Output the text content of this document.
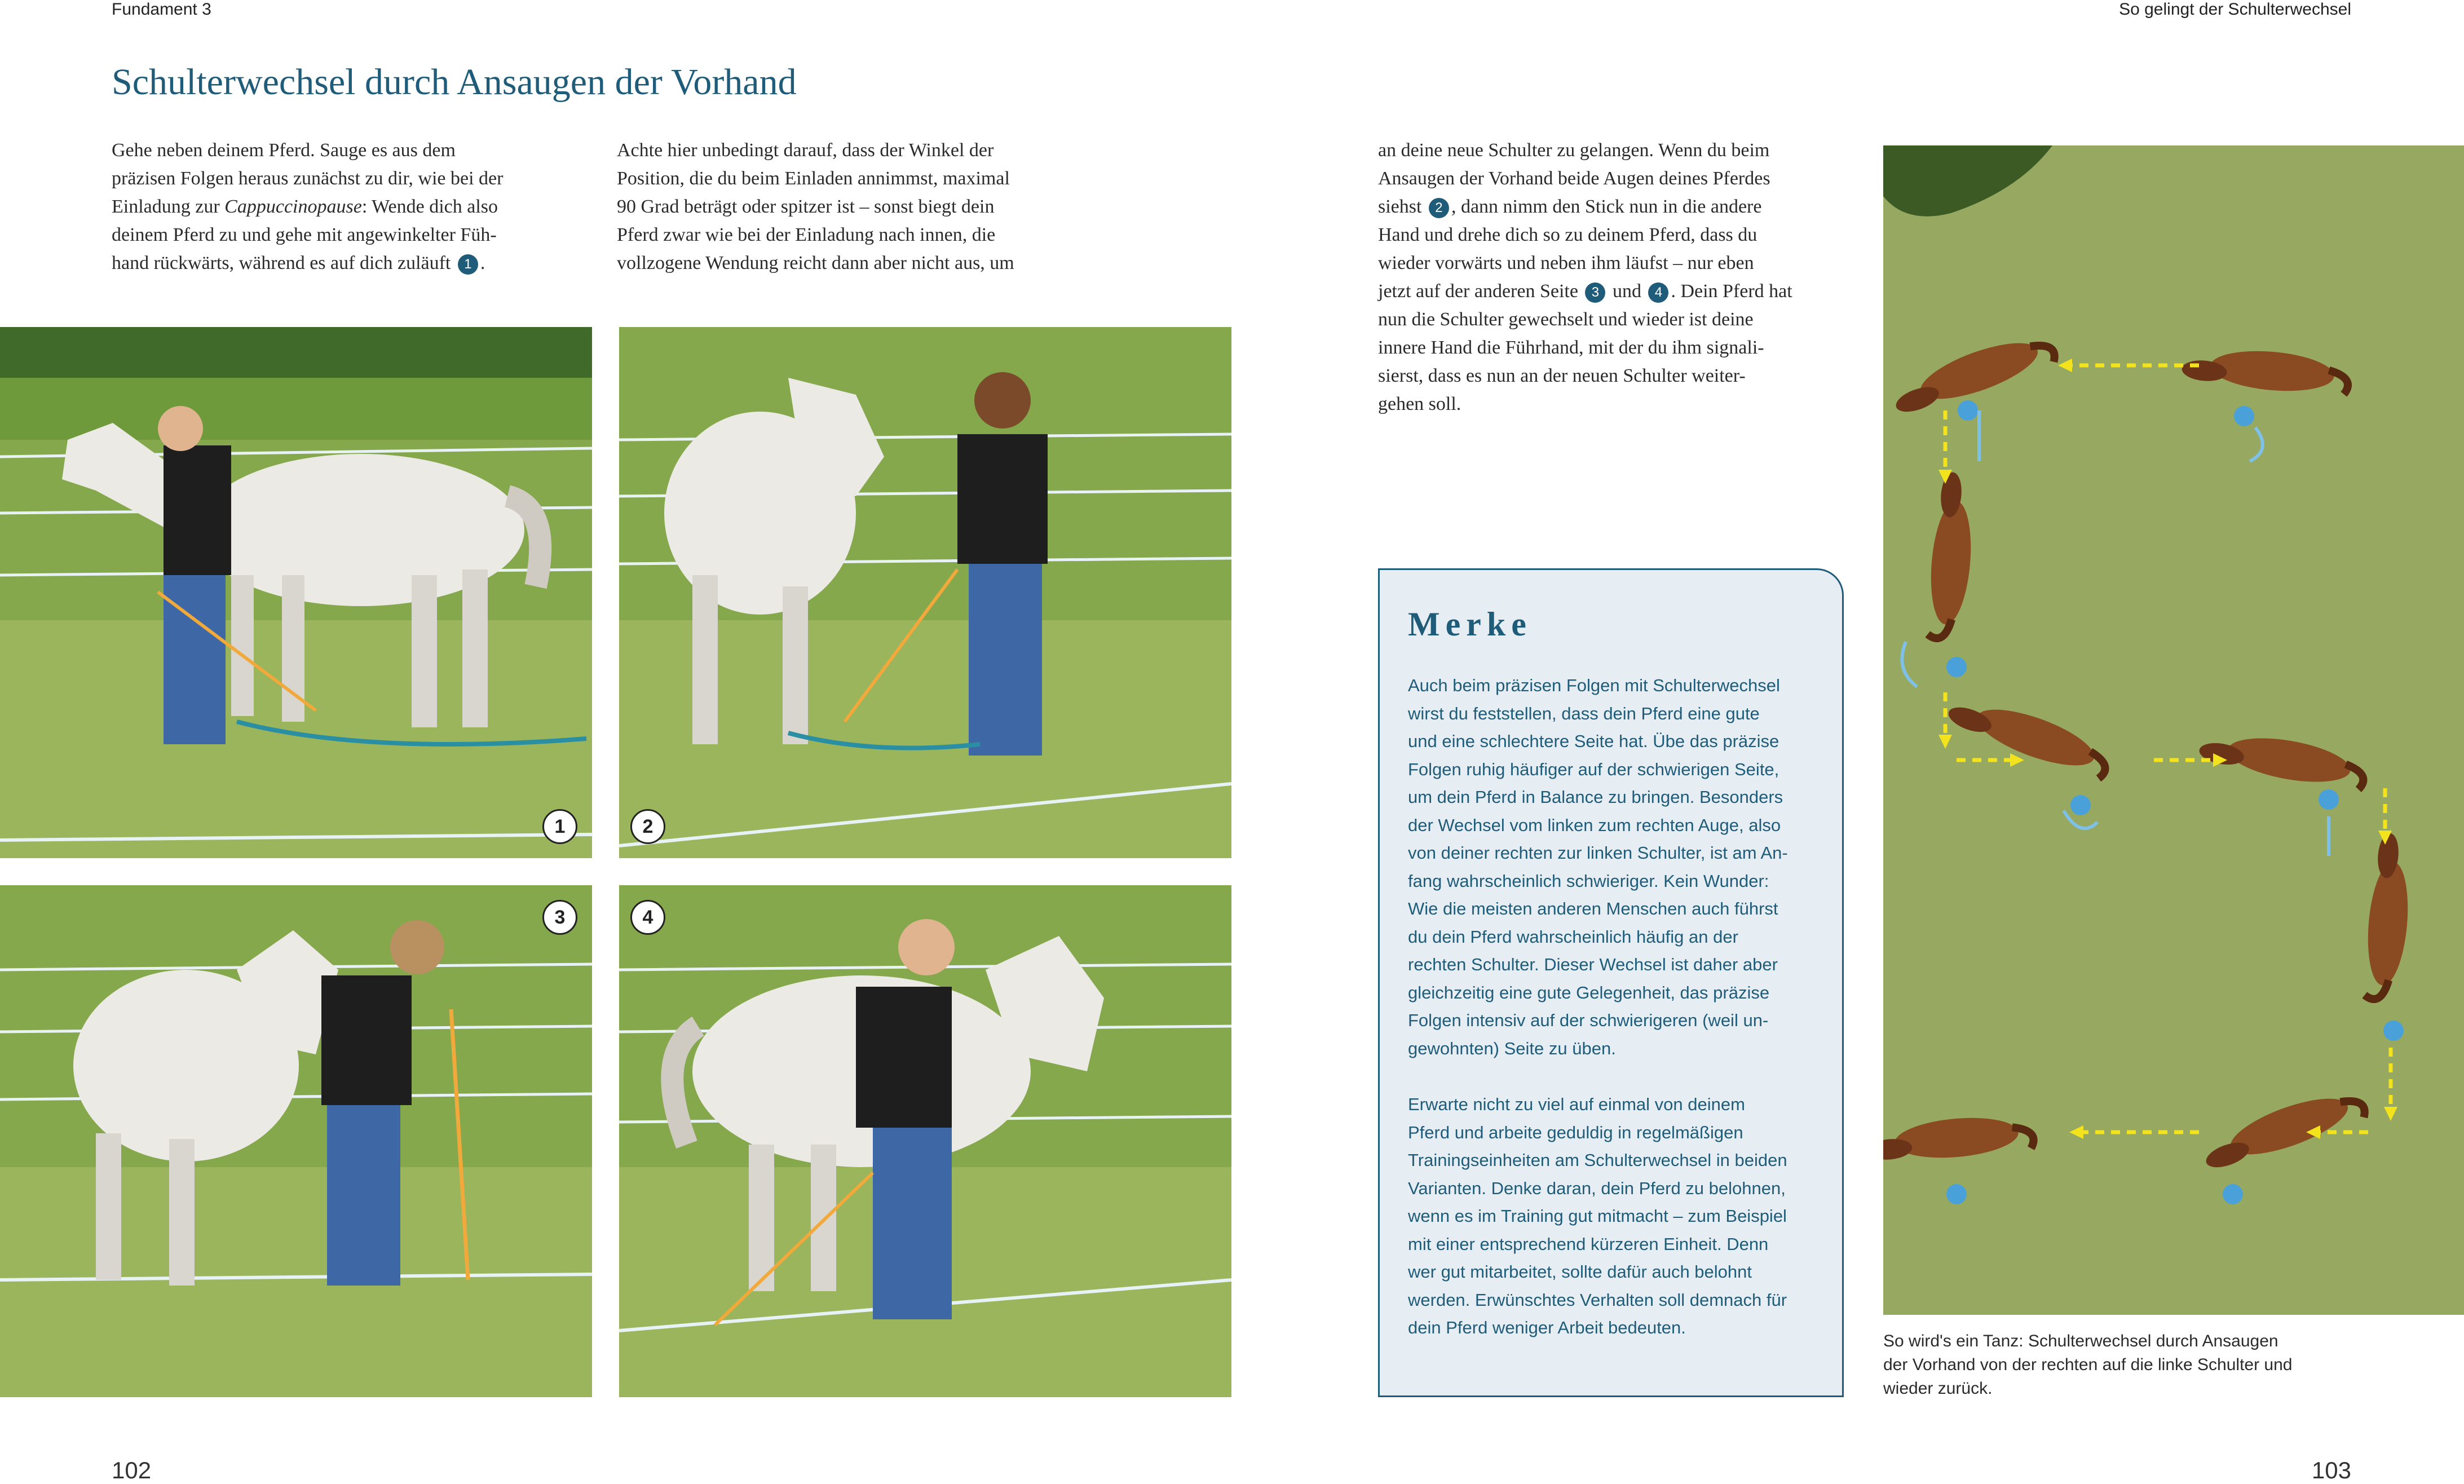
Fundament 3	So gelingt der Schulterwechsel
Schulterwechsel durch Ansaugen der Vorhand
Gehe neben deinem Pferd. Sauge es aus dem
präzisen Folgen heraus zunächst zu dir, wie bei der
Einladung zur Cappuccinopause: Wende dich also
deinem Pferd zu und gehe mit angewinkelter Füh-
hand rückwärts, während es auf dich zuläuft 1 .
Achte hier unbedingt darauf, dass der Winkel der
Position, die du beim Einladen annimmst, maximal
90 Grad beträgt oder spitzer ist – sonst biegt dein
Pferd zwar wie bei der Einladung nach innen, die
vollzogene Wendung reicht dann aber nicht aus, um
an deine neue Schulter zu gelangen. Wenn du beim
Ansaugen der Vorhand beide Augen deines Pferdes
siehst 2 , dann nimm den Stick nun in die andere
Hand und drehe dich so zu deinem Pferd, dass du
wieder vorwärts und neben ihm läufst – nur eben
jetzt auf der anderen Seite 3 und 4 . Dein Pferd hat
nun die Schulter gewechselt und wieder ist deine
innere Hand die Führhand, mit der du ihm signali-
sierst, dass es nun an der neuen Schulter weiter-
gehen soll.
1	2
3	4
Merke

Auch beim präzisen Folgen mit Schulterwechsel
wirst du feststellen, dass dein Pferd eine gute
und eine schlechtere Seite hat. Übe das präzise
Folgen ruhig häufiger auf der schwierigen Seite,
um dein Pferd in Balance zu bringen. Besonders
der Wechsel vom linken zum rechten Auge, also
von deiner rechten zur linken Schulter, ist am An-
fang wahrscheinlich schwieriger. Kein Wunder:
Wie die meisten anderen Menschen auch führst
du dein Pferd wahrscheinlich häufig an der
rechten Schulter. Dieser Wechsel ist daher aber
gleichzeitig eine gute Gelegenheit, das präzise
Folgen intensiv auf der schwierigeren (weil un-
gewohnten) Seite zu üben.

Erwarte nicht zu viel auf einmal von deinem
Pferd und arbeite geduldig in regelmäßigen
Trainingseinheiten am Schulterwechsel in beiden
Varianten. Denke daran, dein Pferd zu belohnen,
wenn es im Training gut mitmacht – zum Beispiel
mit einer entsprechend kürzeren Einheit. Denn
wer gut mitarbeitet, sollte dafür auch belohnt
werden. Erwünschtes Verhalten soll demnach für
dein Pferd weniger Arbeit bedeuten.

So wird's ein Tanz: Schulterwechsel durch Ansaugen
der Vorhand von der rechten auf die linke Schulter und
wieder zurück.
102	103
